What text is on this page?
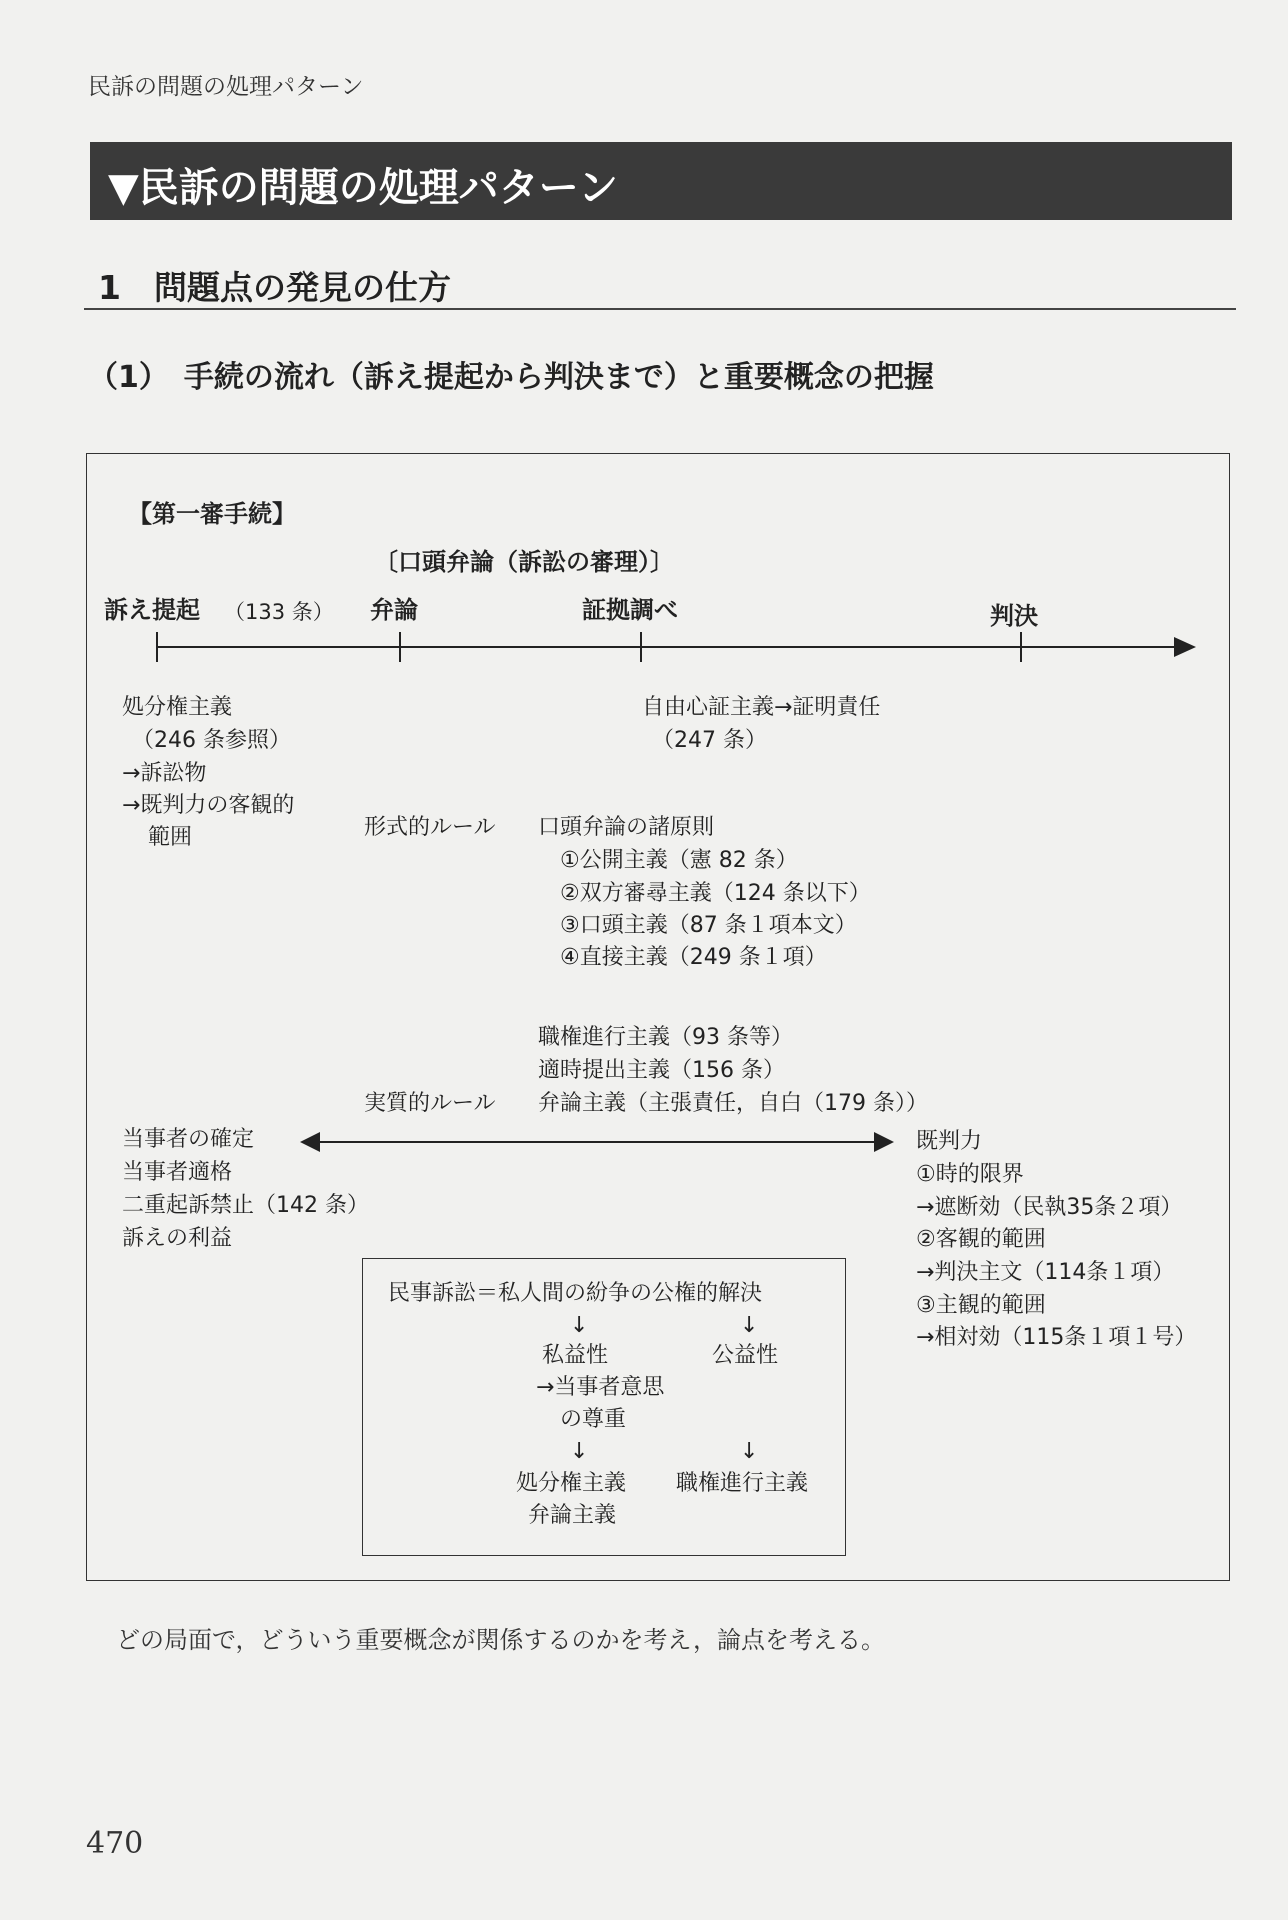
民訴の問題の処理パターン
▼民訴の問題の処理パターン
1　問題点の発見の仕方
（1）　手続の流れ（訴え提起から判決まで）と重要概念の把握
【第一審手続】
〔口頭弁論（訴訟の審理）〕
訴え提起 （133 条） 弁論	証拠調べ	判決
処分権主義
（246 条参照）
→訴訟物
→既判力の客観的
範囲
自由心証主義→証明責任
（247 条）
形式的ルール 口頭弁論の諸原則
①公開主義（憲 82 条）
②双方審尋主義（124 条以下）
③口頭主義（87 条１項本文）
④直接主義（249 条１項）
職権進行主義（93 条等）
適時提出主義（156 条）
実質的ルール 弁論主義（主張責任，自白（179 条））
当事者の確定
当事者適格
二重起訴禁止（142 条）
訴えの利益
既判力
①時的限界
→遮断効（民執35条２項）
②客観的範囲
→判決主文（114条１項）
③主観的範囲
→相対効（115条１項１号）
民事訴訟＝私人間の紛争の公権的解決
↓	↓
私益性	公益性
→当事者意思
の尊重
↓	↓
処分権主義
弁論主義
職権進行主義
どの局面で，どういう重要概念が関係するのかを考え，論点を考える。
470
